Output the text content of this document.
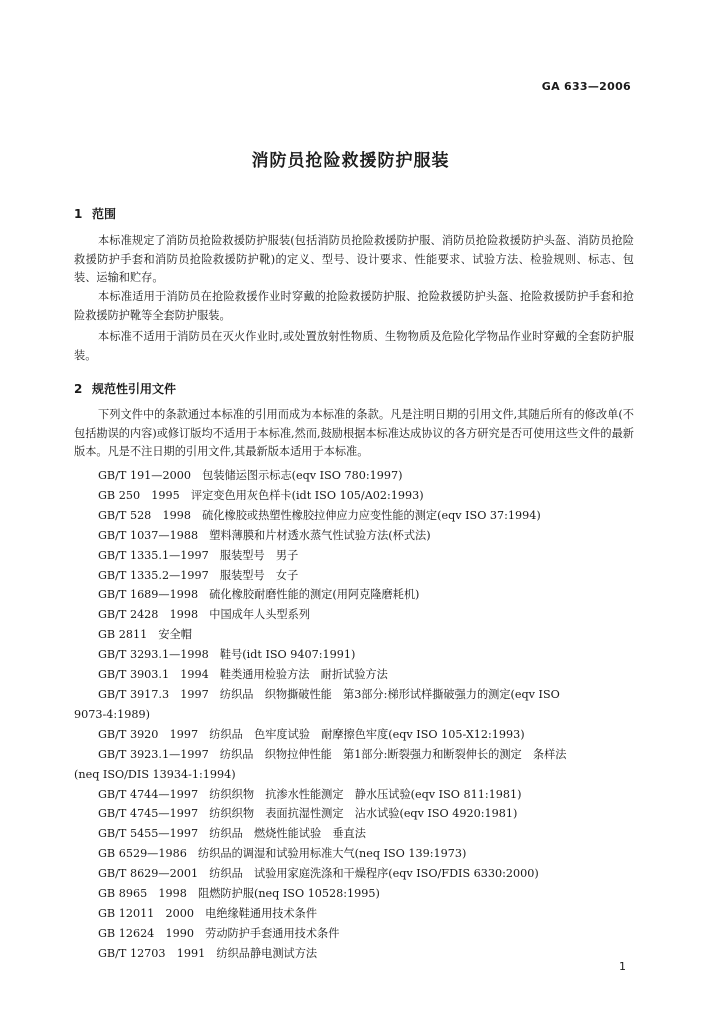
GA 633—2006
消防员抢险救援防护服装
1 范围

本标准规定了消防员抢险救援防护服装(包括消防员抢险救援防护服、消防员抢险救援防护头盔、消防员抢险救援防护手套和消防员抢险救援防护靴)的定义、型号、设计要求、性能要求、试验方法、检验规则、标志、包装、运输和贮存。

本标准适用于消防员在抢险救援作业时穿戴的抢险救援防护服、抢险救援防护头盔、抢险救援防护手套和抢险救援防护靴等全套防护服装。

本标准不适用于消防员在灭火作业时,或处置放射性物质、生物物质及危险化学物品作业时穿戴的全套防护服装。

2 规范性引用文件

下列文件中的条款通过本标准的引用而成为本标准的条款。凡是注明日期的引用文件,其随后所有的修改单(不包括勘误的内容)或修订版均不适用于本标准,然而,鼓励根据本标准达成协议的各方研究是否可使用这些文件的最新版本。凡是不注日期的引用文件,其最新版本适用于本标准。

GB/T 191—2000　包装储运图示标志(eqv ISO 780:1997)
GB 250　1995　评定变色用灰色样卡(idt ISO 105/A02:1993)
GB/T 528　1998　硫化橡胶或热塑性橡胶拉伸应力应变性能的测定(eqv ISO 37:1994)
GB/T 1037—1988　塑料薄膜和片材透水蒸气性试验方法(杯式法)
GB/T 1335.1—1997　服装型号　男子
GB/T 1335.2—1997　服装型号　女子
GB/T 1689—1998　硫化橡胶耐磨性能的测定(用阿克隆磨耗机)
GB/T 2428　1998　中国成年人头型系列
GB 2811　安全帽
GB/T 3293.1—1998　鞋号(idt ISO 9407:1991)
GB/T 3903.1　1994　鞋类通用检验方法　耐折试验方法
GB/T 3917.3　1997　纺织品　织物撕破性能　第3部分:梯形试样撕破强力的测定(eqv ISO
9073-4:1989)
GB/T 3920　1997　纺织品　色牢度试验　耐摩擦色牢度(eqv ISO 105-X12:1993)
GB/T 3923.1—1997　纺织品　织物拉伸性能　第1部分:断裂强力和断裂伸长的测定　条样法
(neq ISO/DIS 13934-1:1994)
GB/T 4744—1997　纺织织物　抗渗水性能测定　静水压试验(eqv ISO 811:1981)
GB/T 4745—1997　纺织织物　表面抗湿性测定　沾水试验(eqv ISO 4920:1981)
GB/T 5455—1997　纺织品　燃烧性能试验　垂直法
GB 6529—1986　纺织品的调湿和试验用标准大气(neq ISO 139:1973)
GB/T 8629—2001　纺织品　试验用家庭洗涤和干燥程序(eqv ISO/FDIS 6330:2000)
GB 8965　1998　阻燃防护服(neq ISO 10528:1995)
GB 12011　2000　电绝缘鞋通用技术条件
GB 12624　1990　劳动防护手套通用技术条件
GB/T 12703　1991　纺织品静电测试方法
1
